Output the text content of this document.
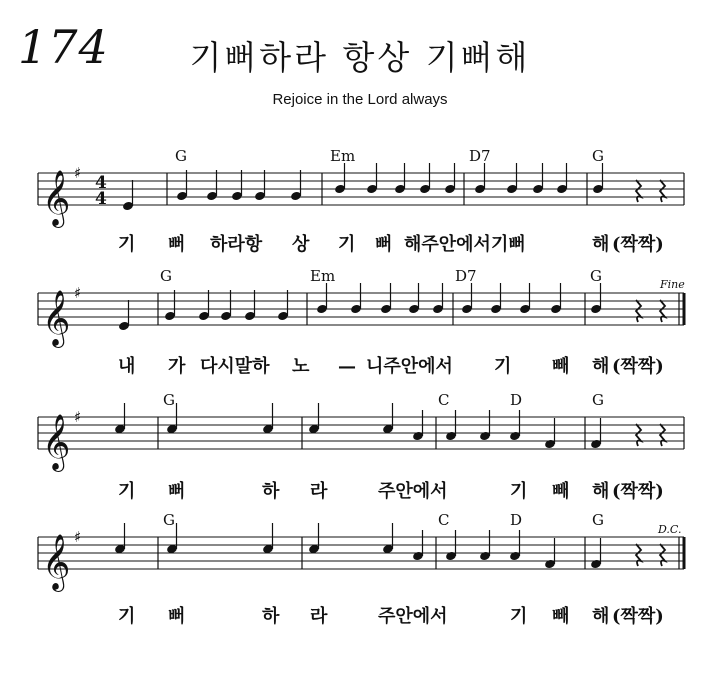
174	기뻐하라 항상 기뻐해
Rejoice in the Lord always
𝄞 ♯ 4
4
G	Em	D7	G
기 뻐 하라항 상 기 뻐 해주안에서기뻐	해 (짝짝)
𝄞 ♯
G	Em	D7	G
내 가 다시말하 노 — 니주안에서 기 빼 해 (짝짝)
𝄞 ♯
G	C	D	G
기 뻐	하 라	주안에서	기 빼 해 (짝짝)
𝄞 ♯
G	C	D	G
기 뻐	하 라	주안에서	기 빼 해 (짝짝)
Fine
D.C.
